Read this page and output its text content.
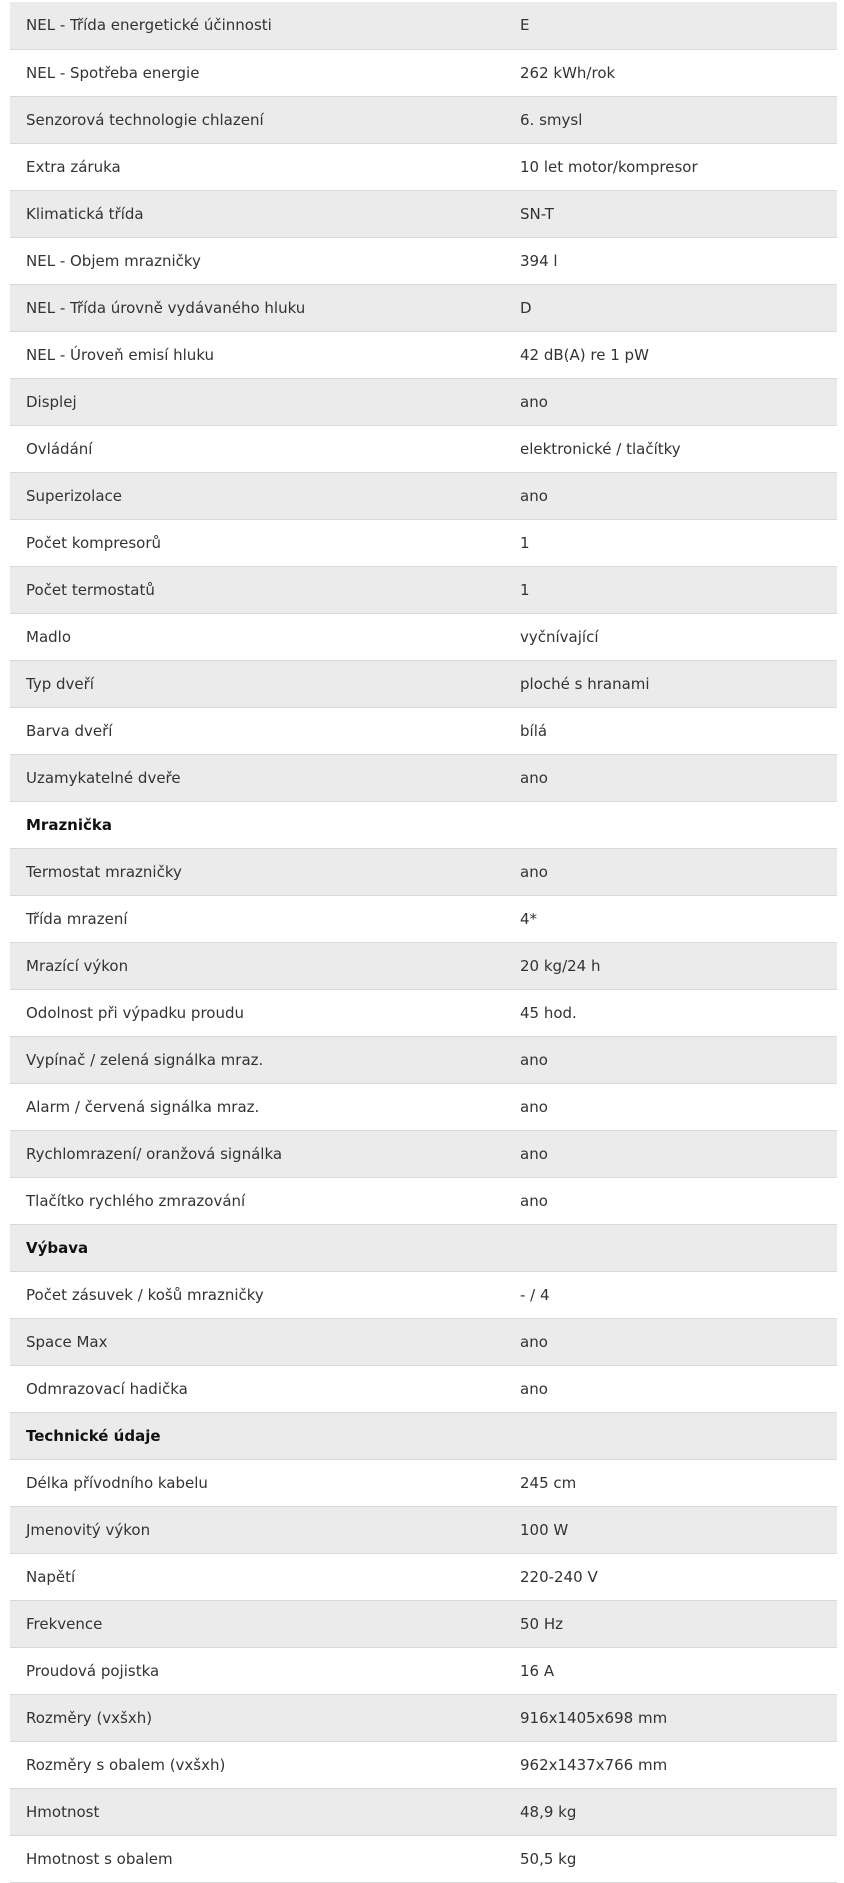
NEL - Třída energetické účinnosti	E
NEL - Spotřeba energie	262 kWh/rok
Senzorová technologie chlazení	6. smysl
Extra záruka	10 let motor/kompresor
Klimatická třída	SN-T
NEL - Objem mrazničky	394 l
NEL - Třída úrovně vydávaného hluku	D
NEL - Úroveň emisí hluku	42 dB(A) re 1 pW
Displej	ano
Ovládání	elektronické / tlačítky
Superizolace	ano
Počet kompresorů	1
Počet termostatů	1
Madlo	vyčnívající
Typ dveří	ploché s hranami
Barva dveří	bílá
Uzamykatelné dveře	ano
Mraznička	
Termostat mrazničky	ano
Třída mrazení	4*
Mrazící výkon	20 kg/24 h
Odolnost při výpadku proudu	45 hod.
Vypínač / zelená signálka mraz.	ano
Alarm / červená signálka mraz.	ano
Rychlomrazení/ oranžová signálka	ano
Tlačítko rychlého zmrazování	ano
Výbava	
Počet zásuvek / košů mrazničky	- / 4
Space Max	ano
Odmrazovací hadička	ano
Technické údaje	
Délka přívodního kabelu	245 cm
Jmenovitý výkon	100 W
Napětí	220-240 V
Frekvence	50 Hz
Proudová pojistka	16 A
Rozměry (vxšxh)	916x1405x698 mm
Rozměry s obalem (vxšxh)	962x1437x766 mm
Hmotnost	48,9 kg
Hmotnost s obalem	50,5 kg
